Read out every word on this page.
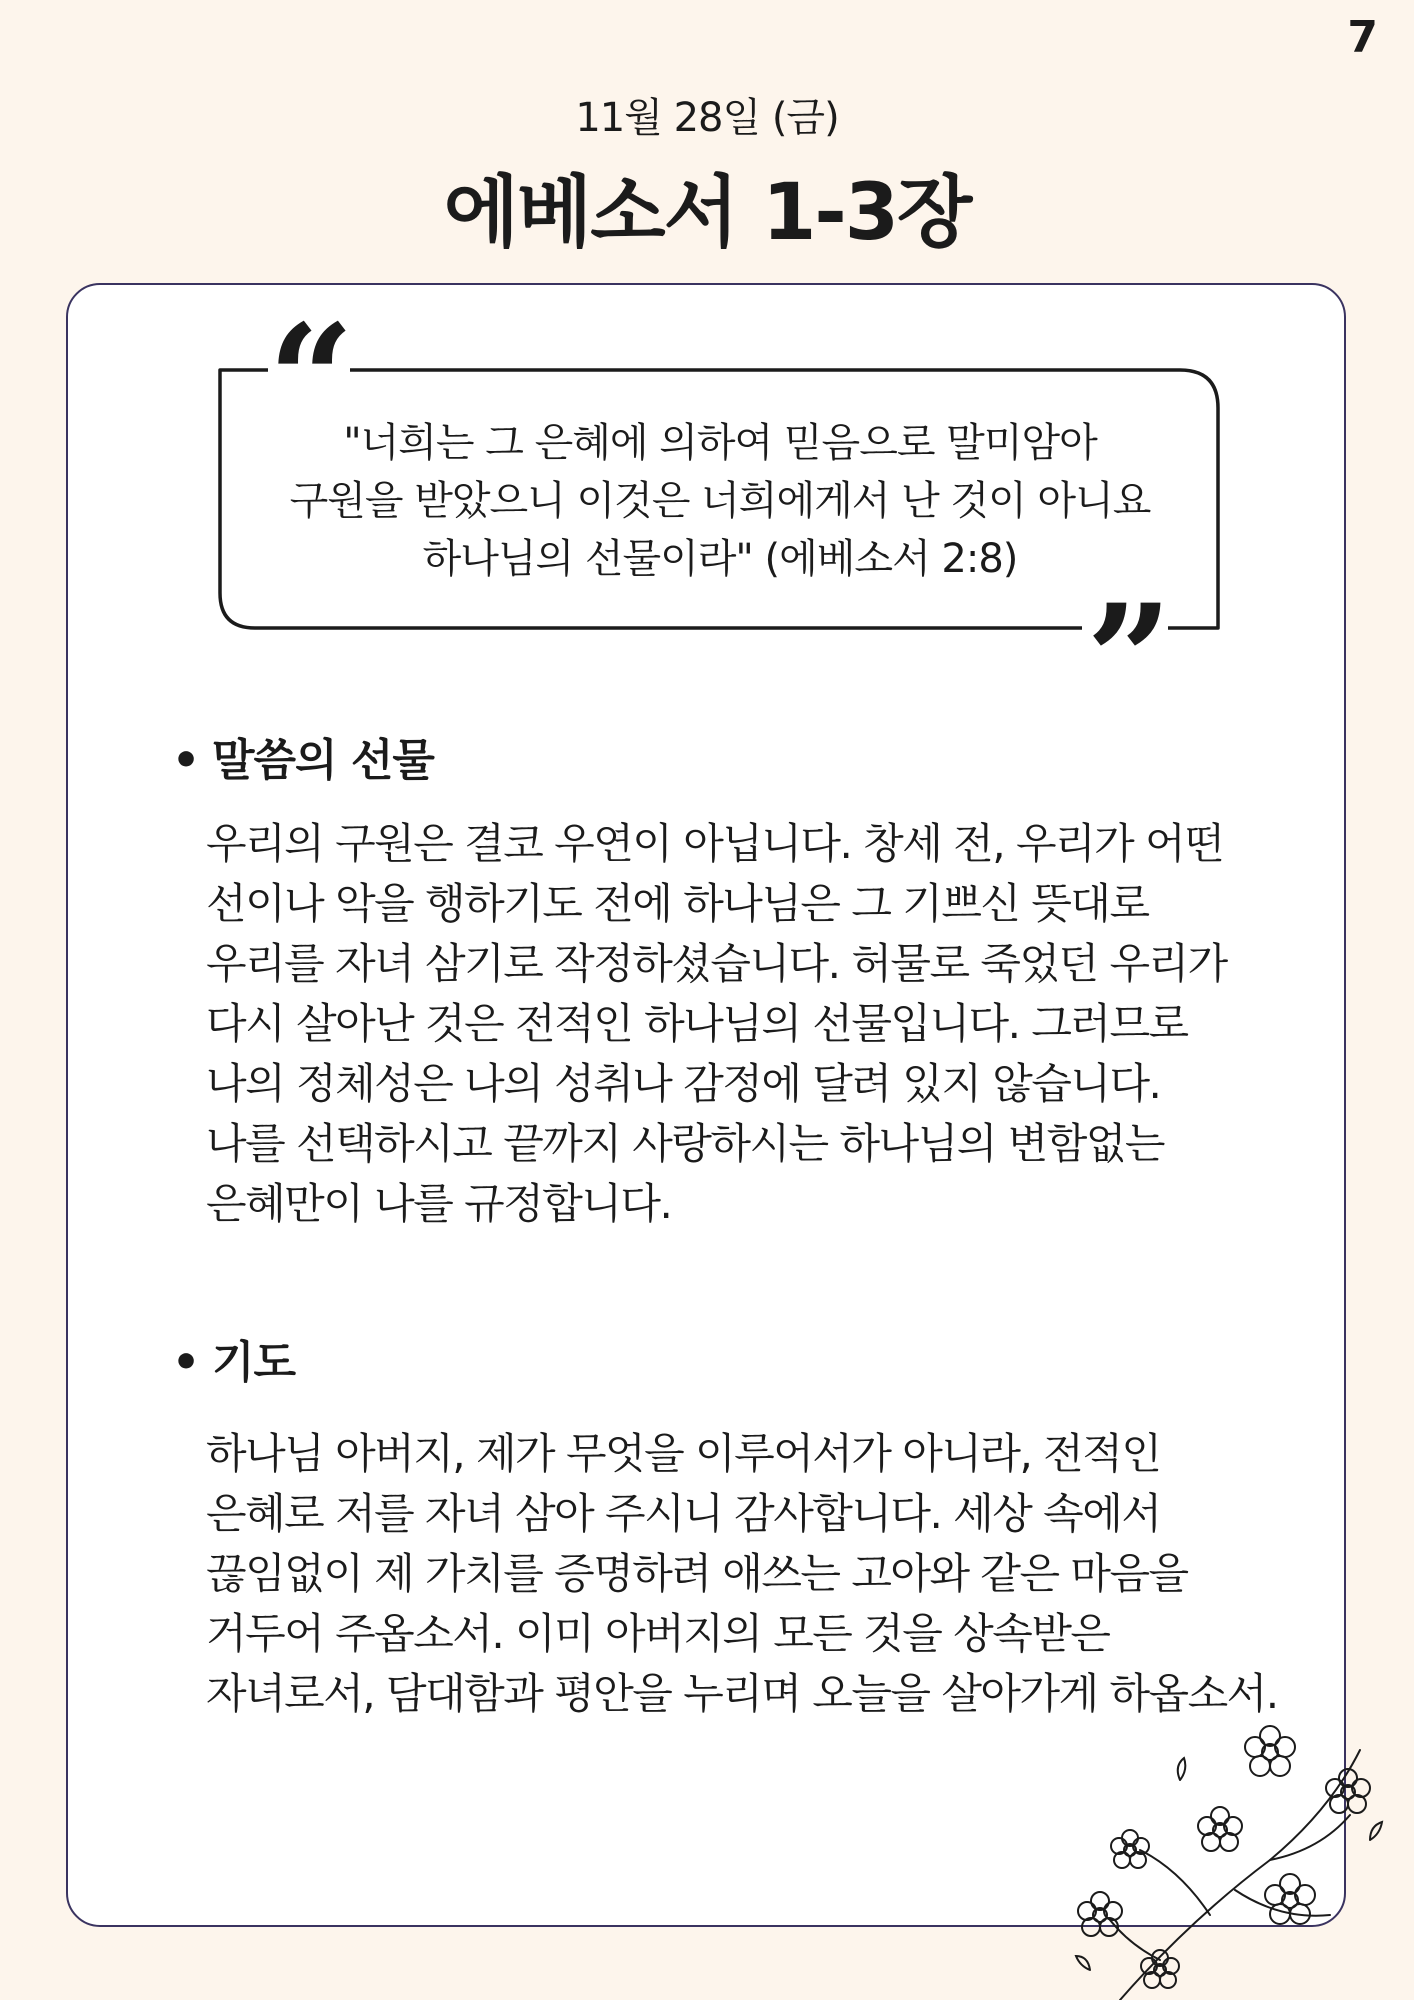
7
11월 28일 (금)
에베소서 1-3장
“
”
"너희는 그 은혜에 의하여 믿음으로 말미암아
구원을 받았으니 이것은 너희에게서 난 것이 아니요
하나님의 선물이라" (에베소서 2:8)
• 말씀의 선물
우리의 구원은 결코 우연이 아닙니다. 창세 전, 우리가 어떤
선이나 악을 행하기도 전에 하나님은 그 기쁘신 뜻대로
우리를 자녀 삼기로 작정하셨습니다. 허물로 죽었던 우리가
다시 살아난 것은 전적인 하나님의 선물입니다. 그러므로
나의 정체성은 나의 성취나 감정에 달려 있지 않습니다.
나를 선택하시고 끝까지 사랑하시는 하나님의 변함없는
은혜만이 나를 규정합니다.
• 기도
하나님 아버지, 제가 무엇을 이루어서가 아니라, 전적인
은혜로 저를 자녀 삼아 주시니 감사합니다. 세상 속에서
끊임없이 제 가치를 증명하려 애쓰는 고아와 같은 마음을
거두어 주옵소서. 이미 아버지의 모든 것을 상속받은
자녀로서, 담대함과 평안을 누리며 오늘을 살아가게 하옵소서.
